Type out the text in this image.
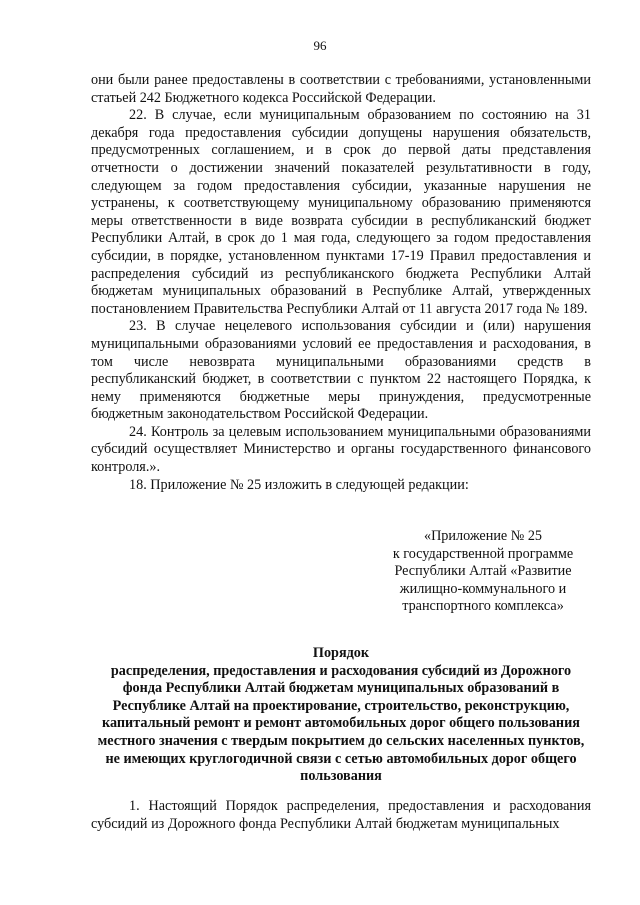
96

они были ранее предоставлены в соответствии с требованиями, установленными статьей 242 Бюджетного кодекса Российской Федерации.

22. В случае, если муниципальным образованием по состоянию на 31 декабря года предоставления субсидии допущены нарушения обязательств, предусмотренных соглашением, и в срок до первой даты представления отчетности о достижении значений показателей результативности в году, следующем за годом предоставления субсидии, указанные нарушения не устранены, к соответствующему муниципальному образованию применяются меры ответственности в виде возврата субсидии в республиканский бюджет Республики Алтай, в срок до 1 мая года, следующего за годом предоставления субсидии, в порядке, установленном пунктами 17-19 Правил предоставления и распределения субсидий из республиканского бюджета Республики Алтай бюджетам муниципальных образований в Республике Алтай, утвержденных постановлением Правительства Республики Алтай от 11 августа 2017 года № 189.

23. В случае нецелевого использования субсидии и (или) нарушения муниципальными образованиями условий ее предоставления и расходования, в том числе невозврата муниципальными образованиями средств в республиканский бюджет, в соответствии с пунктом 22 настоящего Порядка, к нему применяются бюджетные меры принуждения, предусмотренные бюджетным законодательством Российской Федерации.

24. Контроль за целевым использованием муниципальными образованиями субсидий осуществляет Министерство и органы государственного финансового контроля.».

18. Приложение № 25 изложить в следующей редакции:

«Приложение № 25
к государственной программе
Республики Алтай «Развитие
жилищно-коммунального и
транспортного комплекса»
Порядок
распределения, предоставления и расходования субсидий из Дорожного фонда Республики Алтай бюджетам муниципальных образований в Республике Алтай на проектирование, строительство, реконструкцию, капитальный ремонт и ремонт автомобильных дорог общего пользования местного значения с твердым покрытием до сельских населенных пунктов, не имеющих круглогодичной связи с сетью автомобильных дорог общего пользования

1. Настоящий Порядок распределения, предоставления и расходования субсидий из Дорожного фонда Республики Алтай бюджетам муниципальных
